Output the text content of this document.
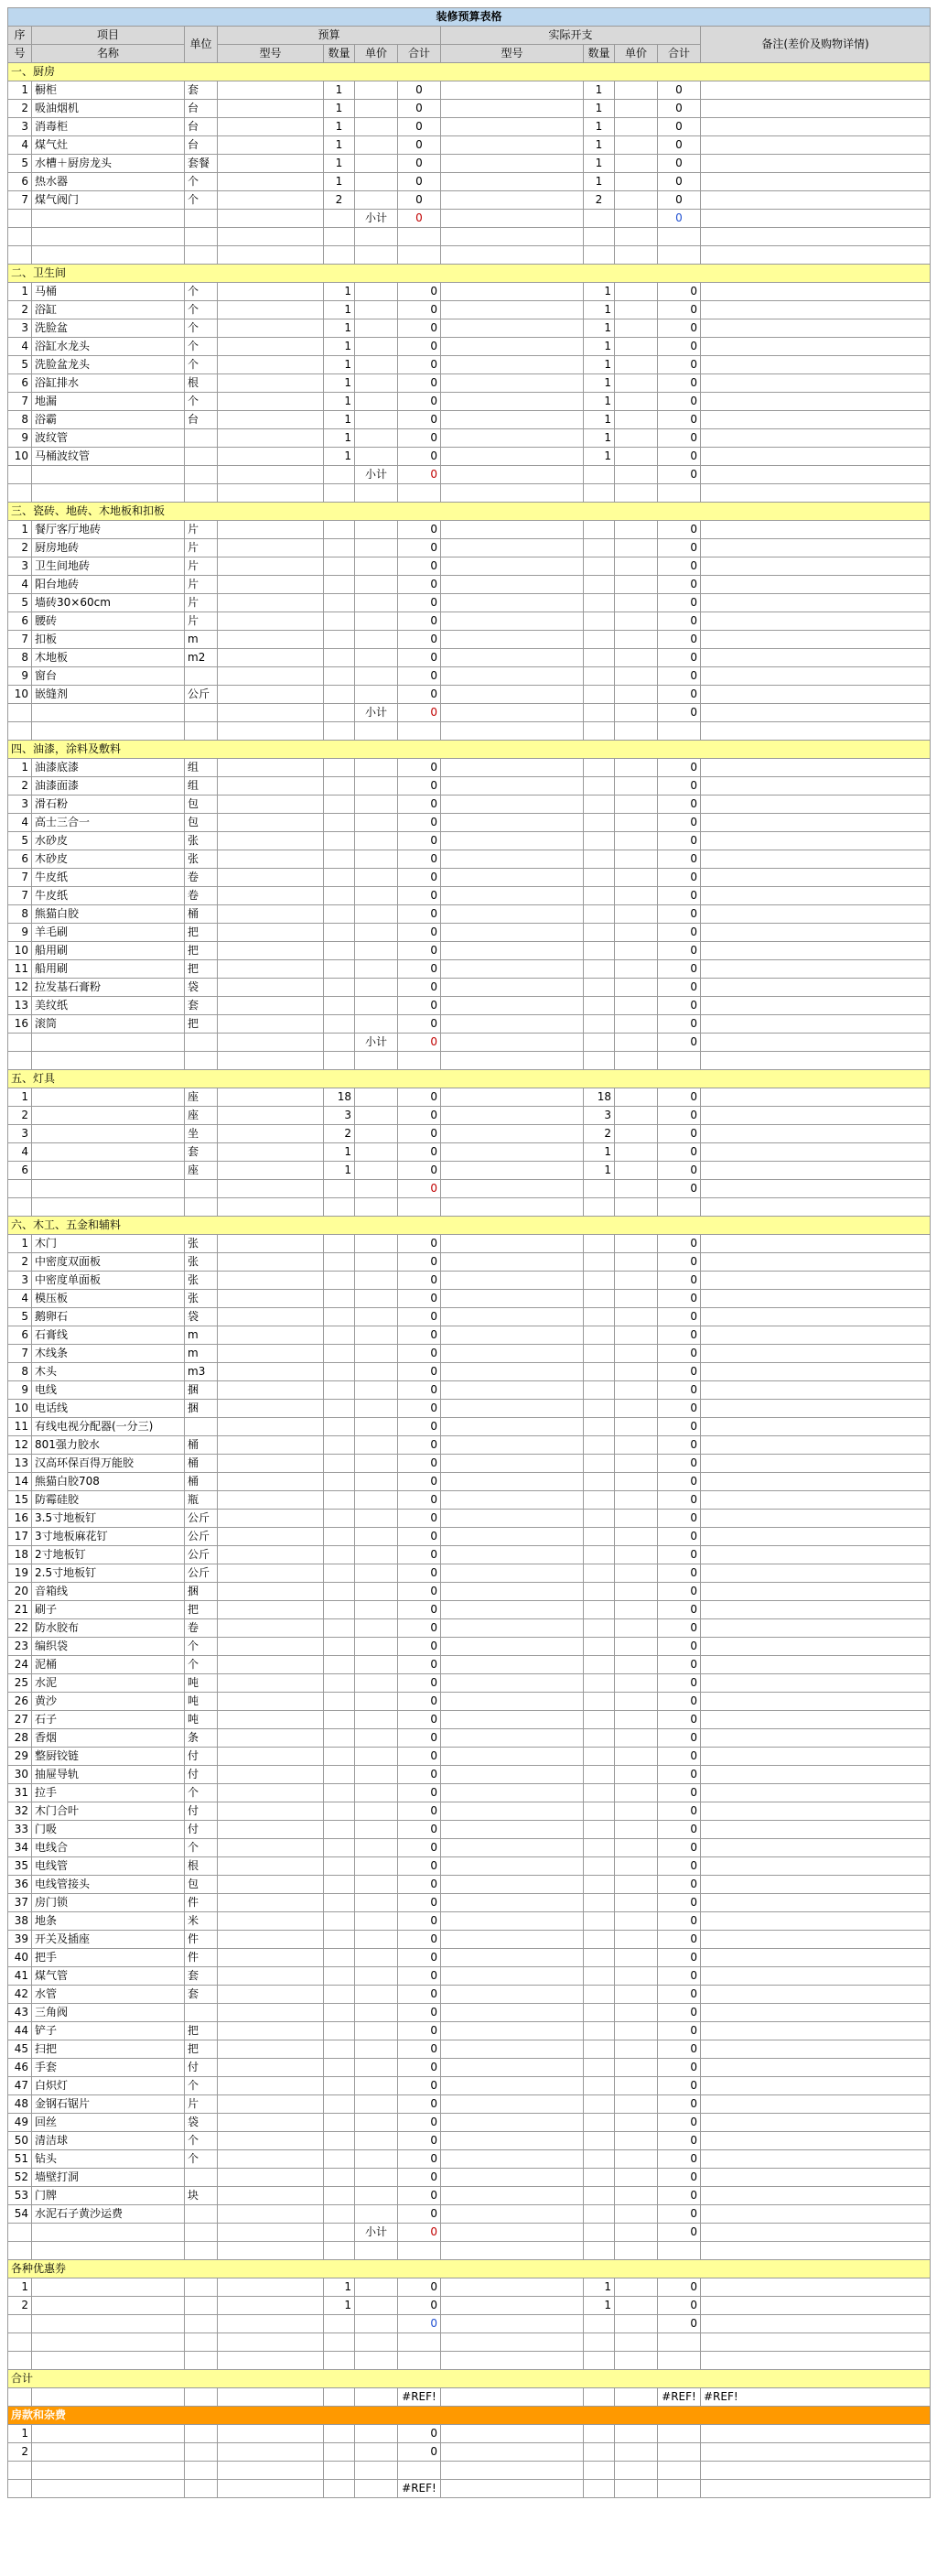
装修预算表格											
序	项目	单位	预算				实际开支				备注(差价及购物详情)
号	名称		型号	数量	单价	合计	型号	数量	单价	合计	
一、厨房											
1	橱柜	套		1		0		1		0	
2	吸油烟机	台		1		0		1		0	
3	消毒柜	台		1		0		1		0	
4	煤气灶	台		1		0		1		0	
5	水槽＋厨房龙头	套餐		1		0		1		0	
6	热水器	个		1		0		1		0	
7	煤气阀门	个		2		0		2		0	
					小计	0				0	

二、卫生间											
1	马桶	个		1		0		1		0	
2	浴缸	个		1		0		1		0	
3	洗脸盆	个		1		0		1		0	
4	浴缸水龙头	个		1		0		1		0	
5	洗脸盆龙头	个		1		0		1		0	
6	浴缸排水	根		1		0		1		0	
7	地漏	个		1		0		1		0	
8	浴霸	台		1		0		1		0	
9	波纹管			1		0		1		0	
10	马桶波纹管			1		0		1		0	
					小计	0				0	

三、瓷砖、地砖、木地板和扣板											
1	餐厅客厅地砖	片				0				0	
2	厨房地砖	片				0				0	
3	卫生间地砖	片				0				0	
4	阳台地砖	片				0				0	
5	墙砖30×60cm	片				0				0	
6	腰砖	片				0				0	
7	扣板	m				0				0	
8	木地板	m2				0				0	
9	窗台					0				0	
10	嵌缝剂	公斤				0				0	
					小计	0				0	

四、油漆，涂料及敷料											
1	油漆底漆	组				0				0	
2	油漆面漆	组				0				0	
3	滑石粉	包				0				0	
4	高士三合一	包				0				0	
5	水砂皮	张				0				0	
6	木砂皮	张				0				0	
7	牛皮纸	卷				0				0	
7	牛皮纸	卷				0				0	
8	熊猫白胶	桶				0				0	
9	羊毛刷	把				0				0	
10	船用刷	把				0				0	
11	船用刷	把				0				0	
12	拉发基石膏粉	袋				0				0	
13	美纹纸	套				0				0	
16	滚筒	把				0				0	
					小计	0				0	

五、灯具											
1		座		18		0		18		0	
2		座		3		0		3		0	
3		坐		2		0		2		0	
4		套		1		0		1		0	
6		座		1		0		1		0	
						0				0	

六、木工、五金和辅料											
1	木门	张				0				0	
2	中密度双面板	张				0				0	
3	中密度单面板	张				0				0	
4	模压板	张				0				0	
5	鹅卵石	袋				0				0	
6	石膏线	m				0				0	
7	木线条	m				0				0	
8	木头	m3				0				0	
9	电线	捆				0				0	
10	电话线	捆				0				0	
11	有线电视分配器(一分三)					0				0	
12	801强力胶水	桶				0				0	
13	汉高环保百得万能胶	桶				0				0	
14	熊猫白胶708	桶				0				0	
15	防霉硅胶	瓶				0				0	
16	3.5寸地板钉	公斤				0				0	
17	3寸地板麻花钉	公斤				0				0	
18	2寸地板钉	公斤				0				0	
19	2.5寸地板钉	公斤				0				0	
20	音箱线	捆				0				0	
21	刷子	把				0				0	
22	防水胶布	卷				0				0	
23	编织袋	个				0				0	
24	泥桶	个				0				0	
25	水泥	吨				0				0	
26	黄沙	吨				0				0	
27	石子	吨				0				0	
28	香烟	条				0				0	
29	整厨铰链	付				0				0	
30	抽屉导轨	付				0				0	
31	拉手	个				0				0	
32	木门合叶	付				0				0	
33	门吸	付				0				0	
34	电线合	个				0				0	
35	电线管	根				0				0	
36	电线管接头	包				0				0	
37	房门锁	件				0				0	
38	地条	米				0				0	
39	开关及插座	件				0				0	
40	把手	件				0				0	
41	煤气管	套				0				0	
42	水管	套				0				0	
43	三角阀					0				0	
44	铲子	把				0				0	
45	扫把	把				0				0	
46	手套	付				0				0	
47	白炽灯	个				0				0	
48	金钢石锯片	片				0				0	
49	回丝	袋				0				0	
50	清洁球	个				0				0	
51	钻头	个				0				0	
52	墙壁打洞					0				0	
53	门牌	块				0				0	
54	水泥石子黄沙运费					0				0	
					小计	0				0	

各种优惠券											
1				1		0		1		0	
2				1		0		1		0	
						0				0	

合计											
						#REF!				#REF!	#REF!
房款和杂费											
1						0					
2						0					

						#REF!					
